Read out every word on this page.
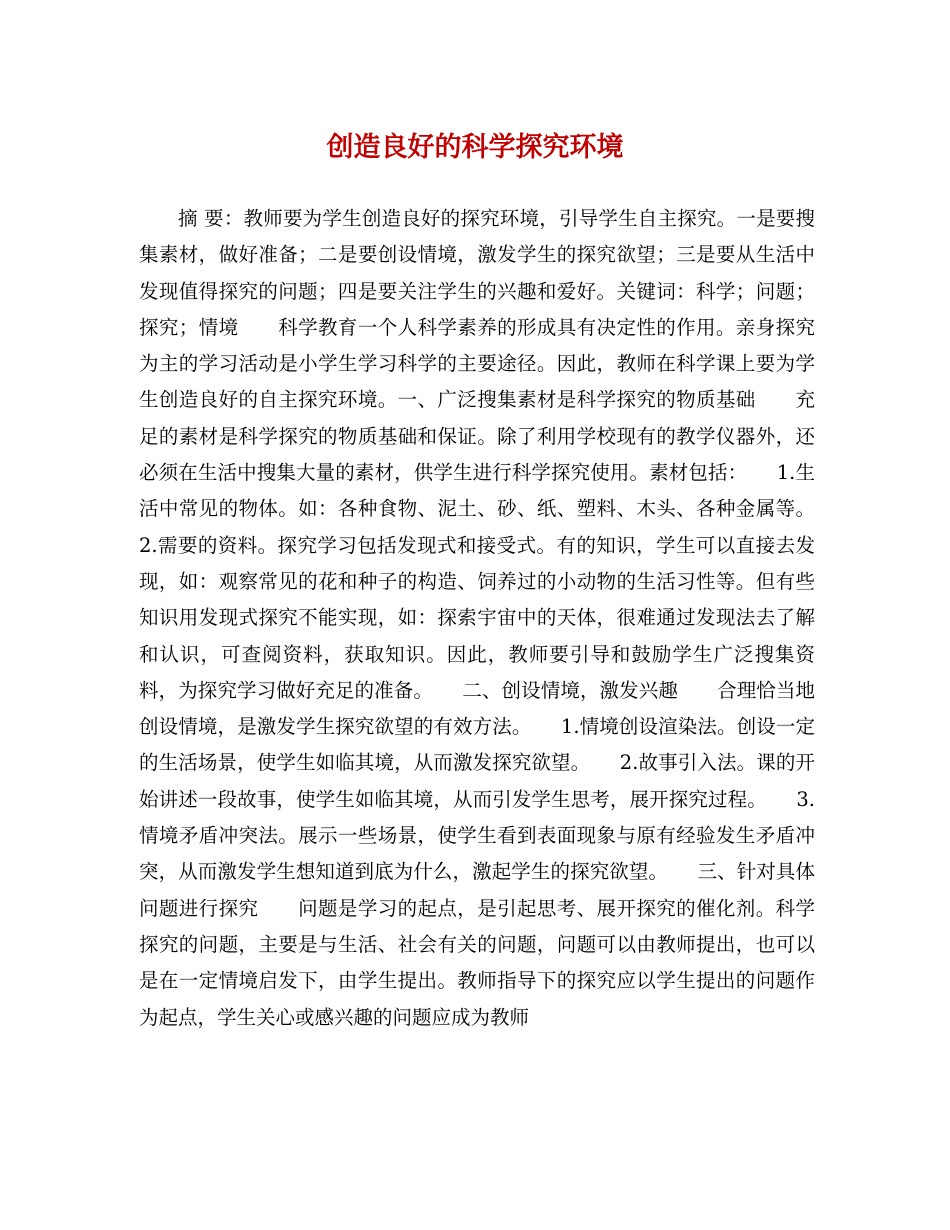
创造良好的科学探究环境

摘 要：教师要为学生创造良好的探究环境，引导学生自主探究。一是要搜集素材，做好准备；二是要创设情境，激发学生的探究欲望；三是要从生活中发现值得探究的问题；四是要关注学生的兴趣和爱好。关键词：科学；问题；探究；情境　　科学教育一个人科学素养的形成具有决定性的作用。亲身探究为主的学习活动是小学生学习科学的主要途径。因此，教师在科学课上要为学生创造良好的自主探究环境。一、广泛搜集素材是科学探究的物质基础　　充足的素材是科学探究的物质基础和保证。除了利用学校现有的教学仪器外，还必须在生活中搜集大量的素材，供学生进行科学探究使用。素材包括：　　1.生活中常见的物体。如：各种食物、泥土、砂、纸、塑料、木头、各种金属等。2.需要的资料。探究学习包括发现式和接受式。有的知识，学生可以直接去发现，如：观察常见的花和种子的构造、饲养过的小动物的生活习性等。但有些知识用发现式探究不能实现，如：探索宇宙中的天体，很难通过发现法去了解和认识，可查阅资料，获取知识。因此，教师要引导和鼓励学生广泛搜集资料，为探究学习做好充足的准备。　　二、创设情境，激发兴趣　　合理恰当地创设情境，是激发学生探究欲望的有效方法。　　1.情境创设渲染法。创设一定的生活场景，使学生如临其境，从而激发探究欲望。　　2.故事引入法。课的开始讲述一段故事，使学生如临其境，从而引发学生思考，展开探究过程。　　3.情境矛盾冲突法。展示一些场景，使学生看到表面现象与原有经验发生矛盾冲突，从而激发学生想知道到底为什么，激起学生的探究欲望。　　三、针对具体问题进行探究　　问题是学习的起点，是引起思考、展开探究的催化剂。科学探究的问题，主要是与生活、社会有关的问题，问题可以由教师提出，也可以是在一定情境启发下，由学生提出。教师指导下的探究应以学生提出的问题作为起点，学生关心或感兴趣的问题应成为教师
